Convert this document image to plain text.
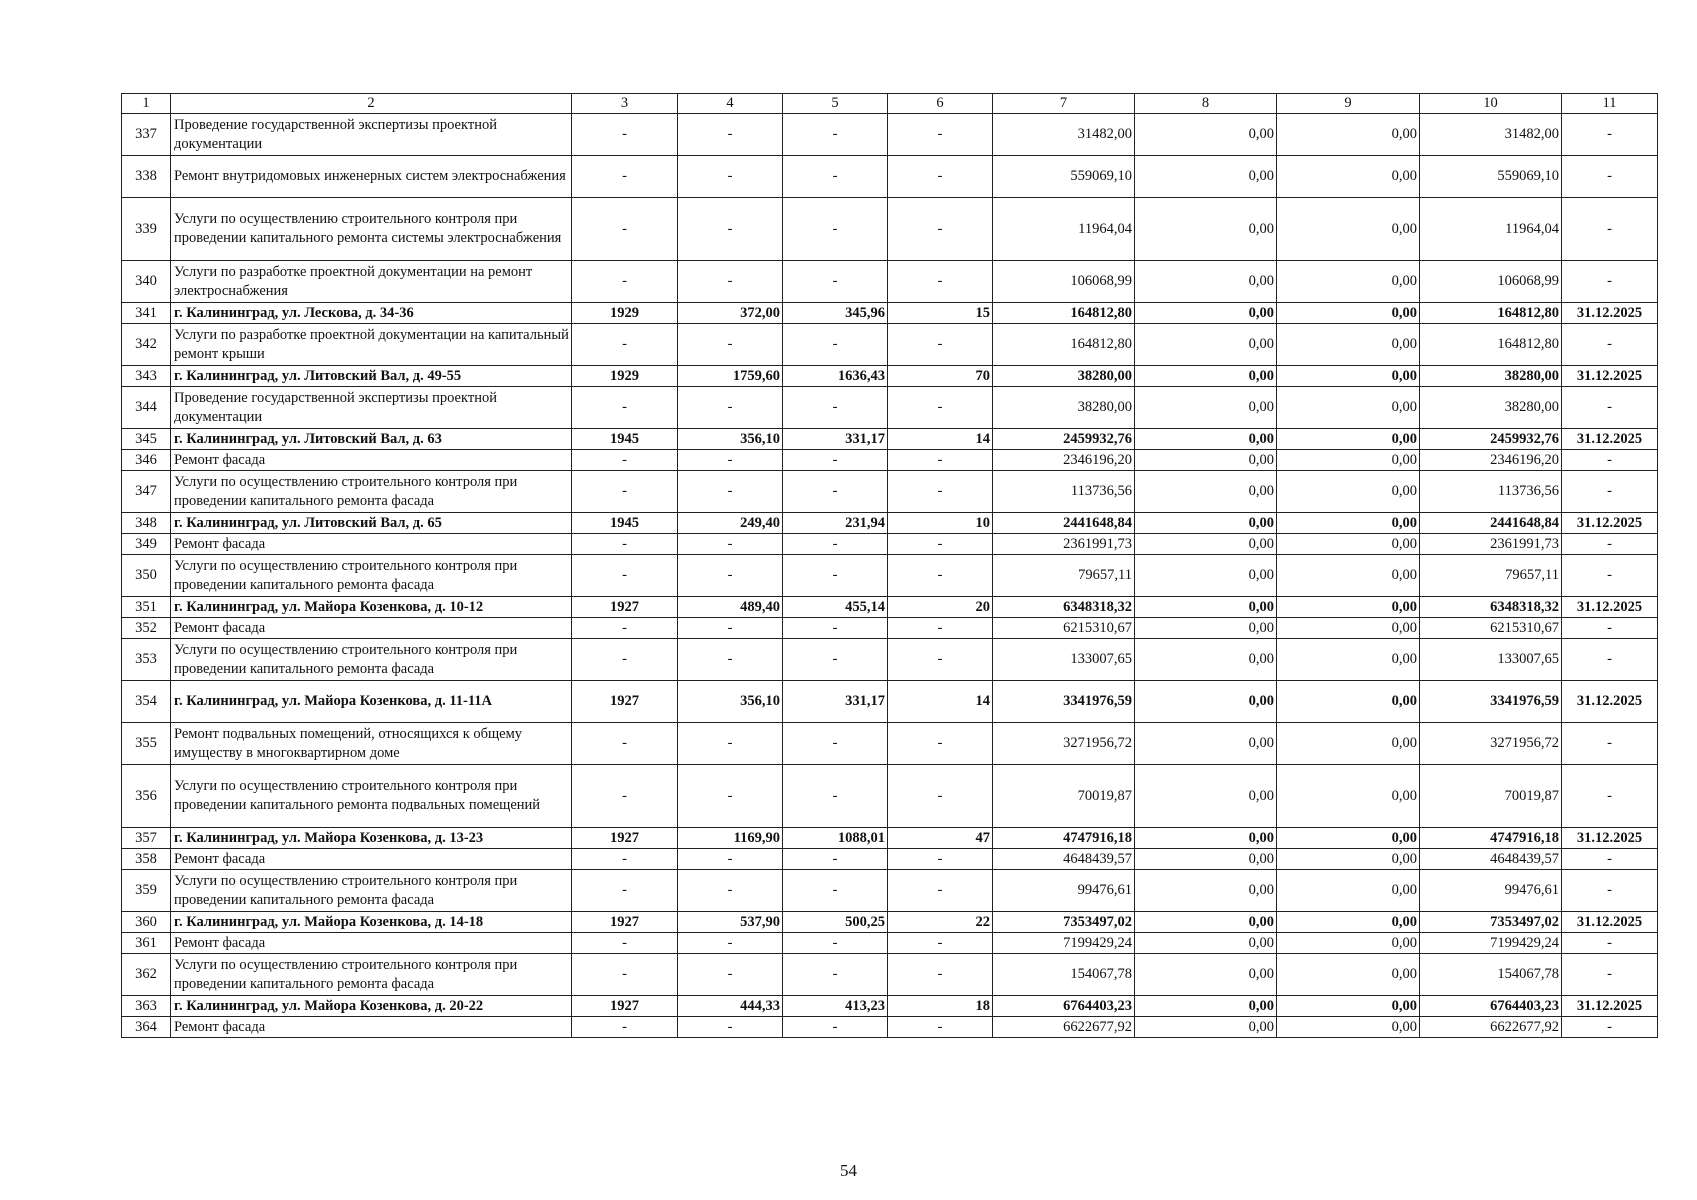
1	2	3	4	5	6	7	8	9	10	11
337	Проведение государственной экспертизы проектной документации	-	-	-	-	31482,00	0,00	0,00	31482,00	-
338	Ремонт внутридомовых инженерных систем электроснабжения	-	-	-	-	559069,10	0,00	0,00	559069,10	-
339	Услуги по осуществлению строительного контроля при проведении капитального ремонта системы электроснабжения	-	-	-	-	11964,04	0,00	0,00	11964,04	-
340	Услуги по разработке проектной документации на ремонт электроснабжения	-	-	-	-	106068,99	0,00	0,00	106068,99	-
341	г. Калининград, ул. Лескова, д. 34-36	1929	372,00	345,96	15	164812,80	0,00	0,00	164812,80	31.12.2025
342	Услуги по разработке проектной документации на капитальный ремонт крыши	-	-	-	-	164812,80	0,00	0,00	164812,80	-
343	г. Калининград, ул. Литовский Вал, д. 49-55	1929	1759,60	1636,43	70	38280,00	0,00	0,00	38280,00	31.12.2025
344	Проведение государственной экспертизы проектной документации	-	-	-	-	38280,00	0,00	0,00	38280,00	-
345	г. Калининград, ул. Литовский Вал, д. 63	1945	356,10	331,17	14	2459932,76	0,00	0,00	2459932,76	31.12.2025
346	Ремонт фасада	-	-	-	-	2346196,20	0,00	0,00	2346196,20	-
347	Услуги по осуществлению строительного контроля при проведении капитального ремонта фасада	-	-	-	-	113736,56	0,00	0,00	113736,56	-
348	г. Калининград, ул. Литовский Вал, д. 65	1945	249,40	231,94	10	2441648,84	0,00	0,00	2441648,84	31.12.2025
349	Ремонт фасада	-	-	-	-	2361991,73	0,00	0,00	2361991,73	-
350	Услуги по осуществлению строительного контроля при проведении капитального ремонта фасада	-	-	-	-	79657,11	0,00	0,00	79657,11	-
351	г. Калининград, ул. Майора Козенкова, д. 10-12	1927	489,40	455,14	20	6348318,32	0,00	0,00	6348318,32	31.12.2025
352	Ремонт фасада	-	-	-	-	6215310,67	0,00	0,00	6215310,67	-
353	Услуги по осуществлению строительного контроля при проведении капитального ремонта фасада	-	-	-	-	133007,65	0,00	0,00	133007,65	-
354	г. Калининград, ул. Майора Козенкова, д. 11-11А	1927	356,10	331,17	14	3341976,59	0,00	0,00	3341976,59	31.12.2025
355	Ремонт подвальных помещений, относящихся к общему имуществу в многоквартирном доме	-	-	-	-	3271956,72	0,00	0,00	3271956,72	-
356	Услуги по осуществлению строительного контроля при проведении капитального ремонта подвальных помещений	-	-	-	-	70019,87	0,00	0,00	70019,87	-
357	г. Калининград, ул. Майора Козенкова, д. 13-23	1927	1169,90	1088,01	47	4747916,18	0,00	0,00	4747916,18	31.12.2025
358	Ремонт фасада	-	-	-	-	4648439,57	0,00	0,00	4648439,57	-
359	Услуги по осуществлению строительного контроля при проведении капитального ремонта фасада	-	-	-	-	99476,61	0,00	0,00	99476,61	-
360	г. Калининград, ул. Майора Козенкова, д. 14-18	1927	537,90	500,25	22	7353497,02	0,00	0,00	7353497,02	31.12.2025
361	Ремонт фасада	-	-	-	-	7199429,24	0,00	0,00	7199429,24	-
362	Услуги по осуществлению строительного контроля при проведении капитального ремонта фасада	-	-	-	-	154067,78	0,00	0,00	154067,78	-
363	г. Калининград, ул. Майора Козенкова, д. 20-22	1927	444,33	413,23	18	6764403,23	0,00	0,00	6764403,23	31.12.2025
364	Ремонт фасада	-	-	-	-	6622677,92	0,00	0,00	6622677,92	-
54
